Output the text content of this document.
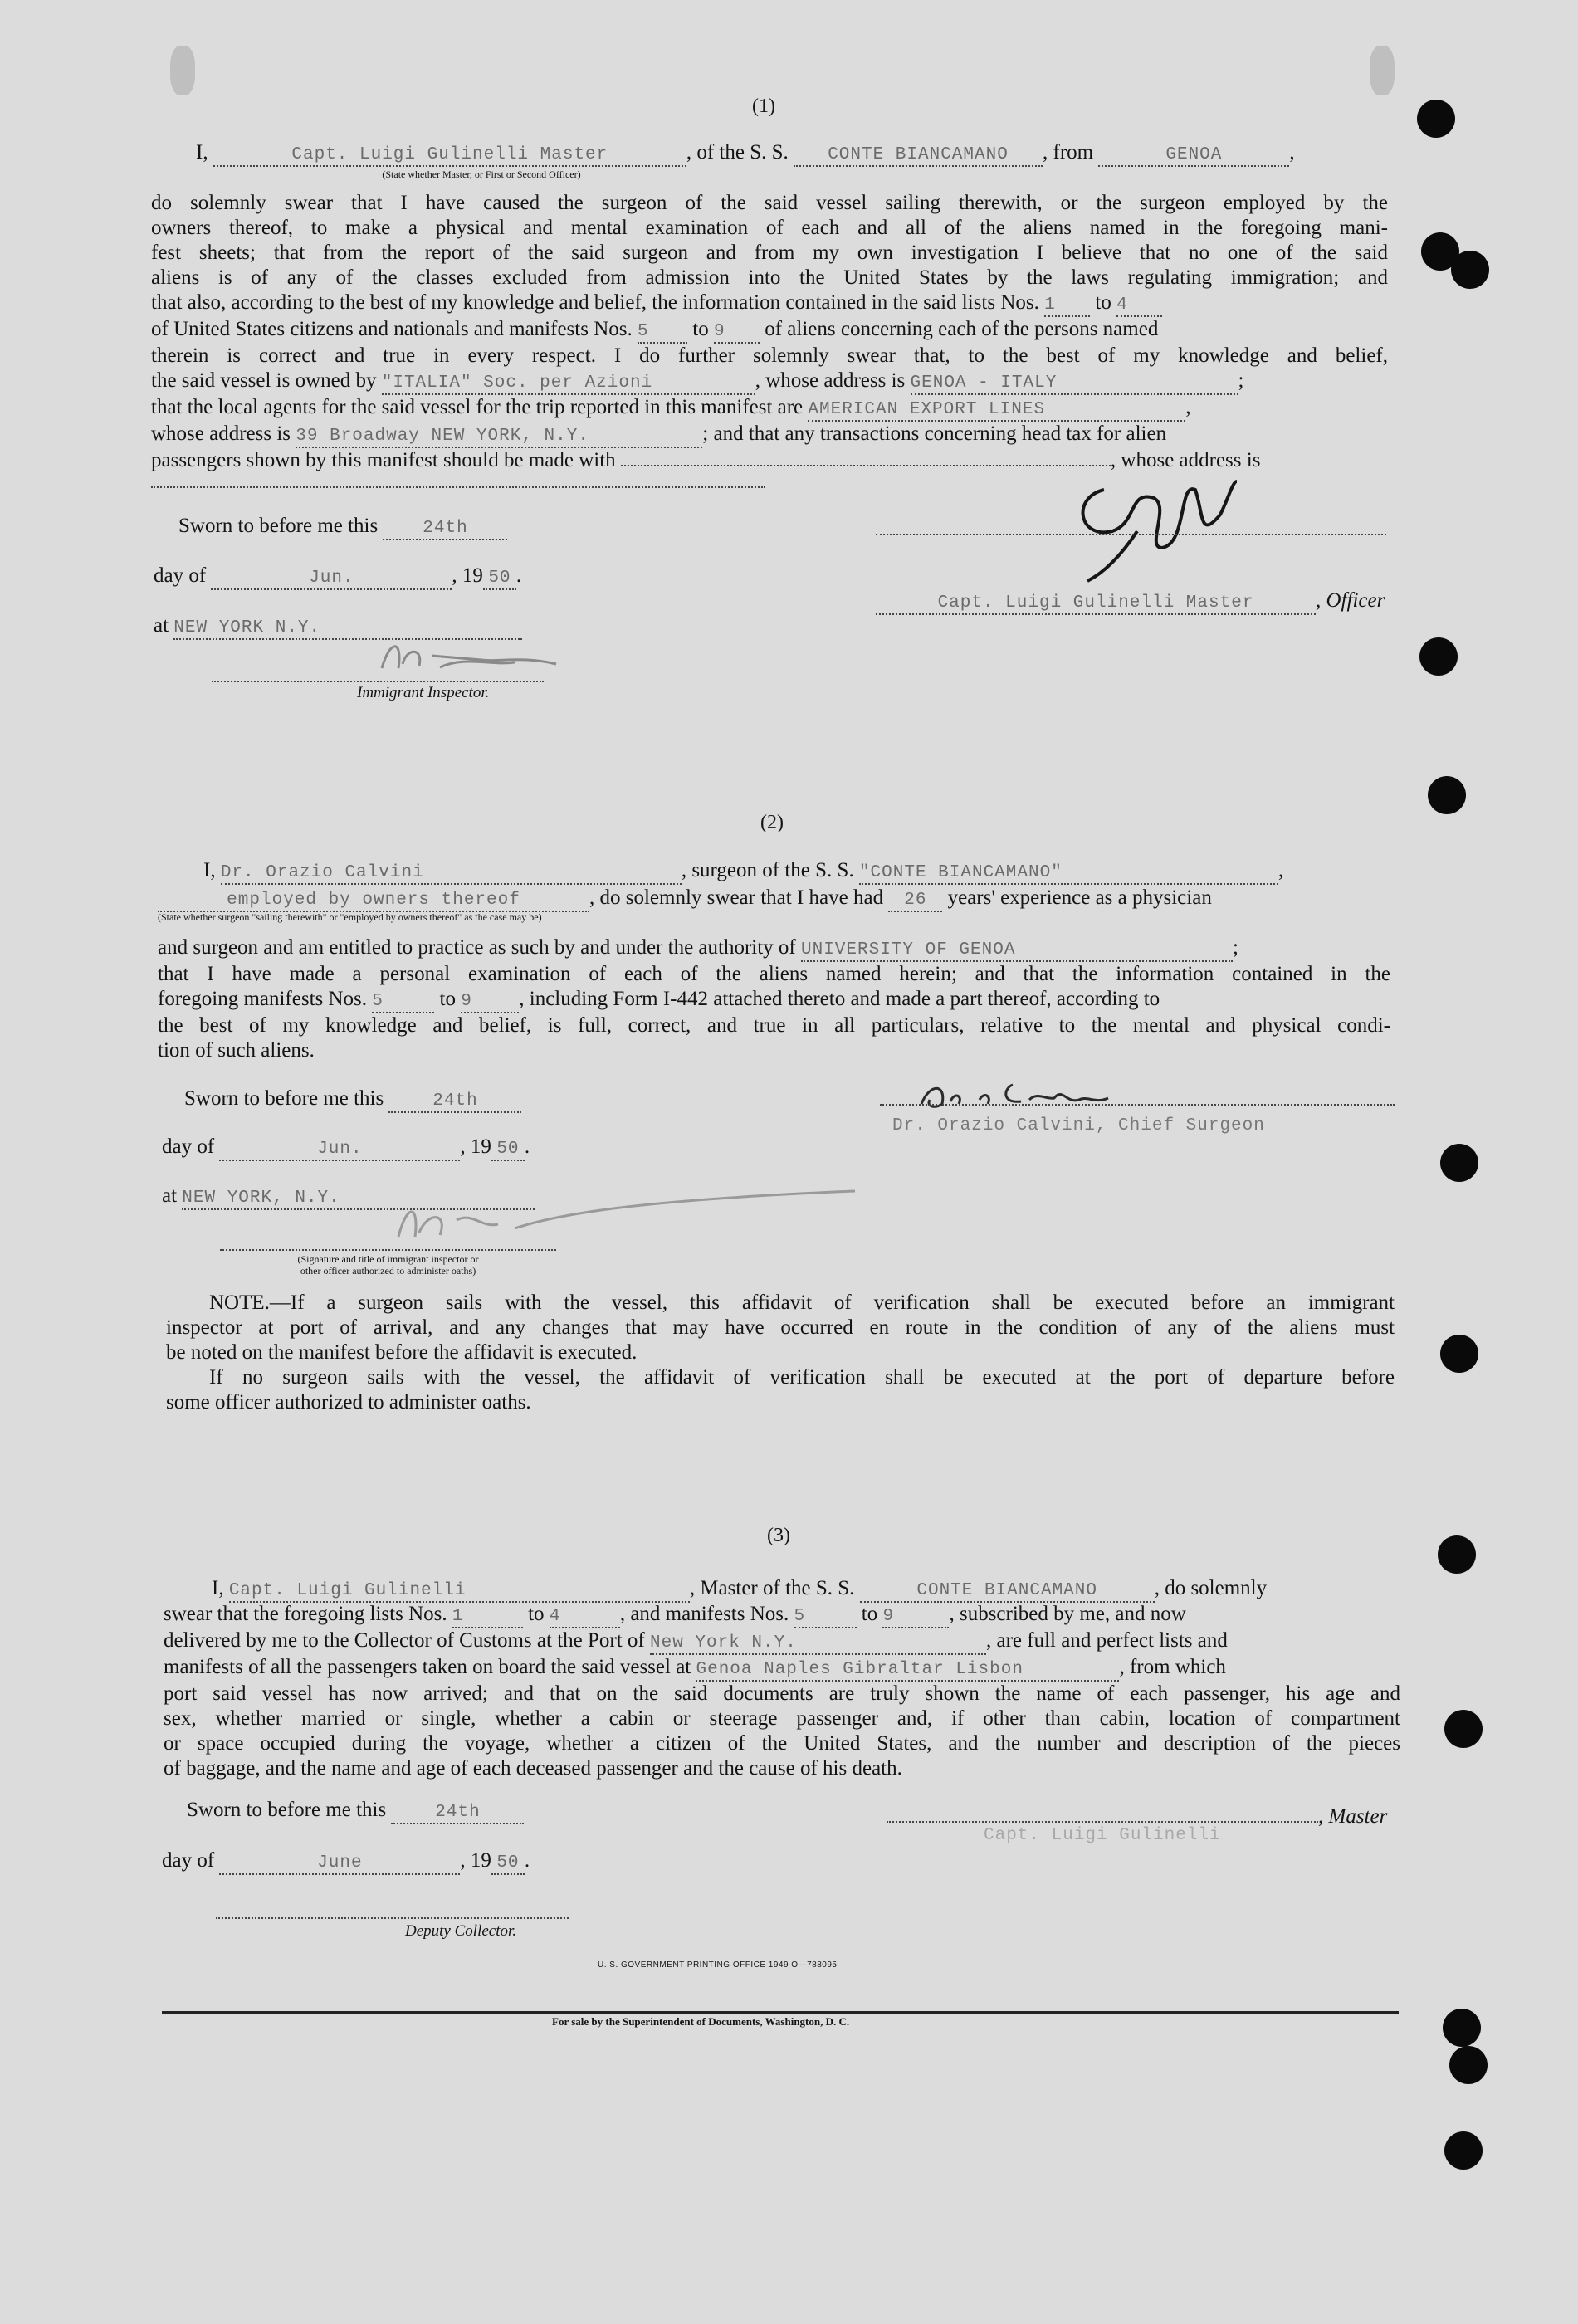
(1)
I,	Capt. Luigi Gulinelli Master	, of the S. S. CONTE BIANCAMANO , from	GENOA	,
(State whether Master, or First or Second Officer)
do solemnly swear that I have caused the surgeon of the said vessel sailing therewith, or the surgeon employed by the
owners thereof, to make a physical and mental examination of each and all of the aliens named in the foregoing mani-
fest sheets; that from the report of the said surgeon and from my own investigation I believe that no one of the said
aliens is of any of the classes excluded from admission into the United States by the laws regulating immigration; and
that also, according to the best of my knowledge and belief, the information contained in the said lists Nos. 1 to 4
of United States citizens and nationals and manifests Nos. 5 to 9 of aliens concerning each of the persons named
therein is correct and true in every respect. I do further solemnly swear that, to the best of my knowledge and belief,
the said vessel is owned by "ITALIA" Soc. per Azioni	, whose address is GENOA - ITALY	;
that the local agents for the said vessel for the trip reported in this manifest are AMERICAN EXPORT LINES	,
whose address is 39 Broadway NEW YORK, N.Y.	; and that any transactions concerning head tax for alien
passengers shown by this manifest should be made with	, whose address is
Sworn to before me this	24th
day of	Jun.	, 19 50 .
at NEW YORK N.Y.
Immigrant Inspector.
Capt. Luigi Gulinelli Master	, Officer
(2)
I, Dr. Orazio Calvini	, surgeon of the S. S. "CONTE BIANCAMANO"	,
employed by owners thereof	, do solemnly swear that I have had 26 years' experience as a physician
(State whether surgeon "sailing therewith" or "employed by owners thereof" as the case may be)
and surgeon and am entitled to practice as such by and under the authority of UNIVERSITY OF GENOA	;
that I have made a personal examination of each of the aliens named herein; and that the information contained in the
foregoing manifests Nos. 5	to 9 , including Form I-442 attached thereto and made a part thereof, according to
the best of my knowledge and belief, is full, correct, and true in all particulars, relative to the mental and physical condi-
tion of such aliens.
Sworn to before me this	24th
day of	Jun.	, 19 50 .
at NEW YORK, N.Y.
(Signature and title of immigrant inspector or
other officer authorized to administer oaths)
Dr. Orazio Calvini, Chief Surgeon
NOTE.—If a surgeon sails with the vessel, this affidavit of verification shall be executed before an immigrant
inspector at port of arrival, and any changes that may have occurred en route in the condition of any of the aliens must
be noted on the manifest before the affidavit is executed.
If no surgeon sails with the vessel, the affidavit of verification shall be executed at the port of departure before
some officer authorized to administer oaths.
(3)
I, Capt. Luigi Gulinelli	, Master of the S. S.	CONTE BIANCAMANO	, do solemnly
swear that the foregoing lists Nos. 1	to 4	, and manifests Nos. 5	to 9	, subscribed by me, and now
delivered by me to the Collector of Customs at the Port of New York N.Y.	, are full and perfect lists and
manifests of all the passengers taken on board the said vessel at Genoa Naples Gibraltar Lisbon	, from which
port said vessel has now arrived; and that on the said documents are truly shown the name of each passenger, his age and
sex, whether married or single, whether a cabin or steerage passenger and, if other than cabin, location of compartment
or space occupied during the voyage, whether a citizen of the United States, and the number and description of the pieces
of baggage, and the name and age of each deceased passenger and the cause of his death.
Sworn to before me this	24th
day of	June	, 19 50 .
Deputy Collector.
, Master
Capt. Luigi Gulinelli
U. S. GOVERNMENT PRINTING OFFICE 1949 O—788095
For sale by the Superintendent of Documents, Washington, D. C.
